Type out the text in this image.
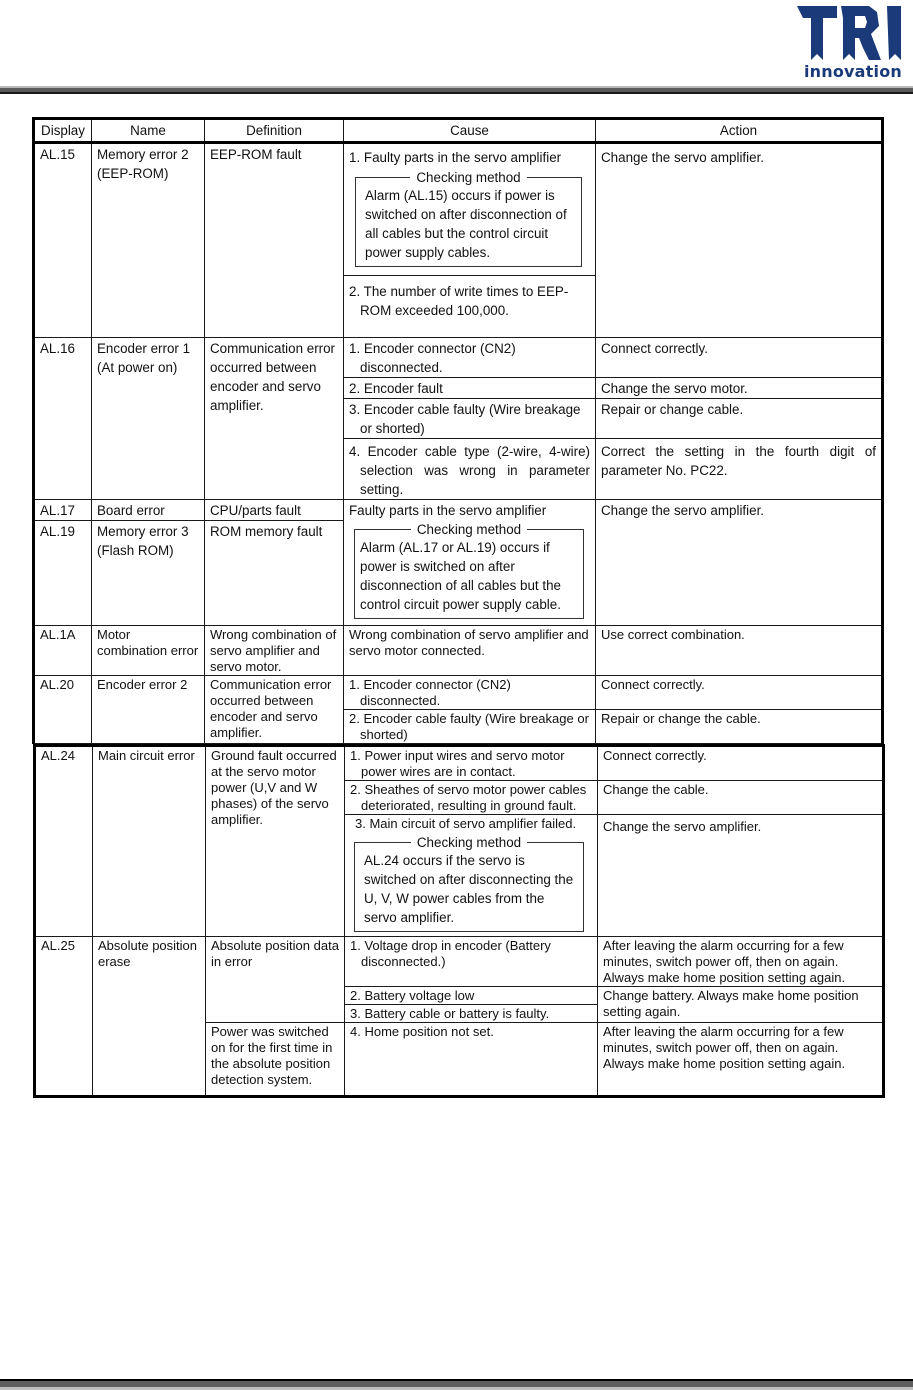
innovation
Display	Name	Definition	Cause	Action
AL.15	Memory error 2 (EEP-ROM)	EEP-ROM fault	1. Faulty parts in the servo amplifier
Checking method
Alarm (AL.15) occurs if power is switched on after disconnection of all cables but the control circuit power supply cables.
2. The number of write times to EEP-ROM exceeded 100,000.	Change the servo amplifier.
AL.16	Encoder error 1 (At power on)	Communication error occurred between encoder and servo amplifier.	1. Encoder connector (CN2) disconnected.	Connect correctly.
			2. Encoder fault	Change the servo motor.
			3. Encoder cable faulty (Wire breakage or shorted)	Repair or change cable.
			4. Encoder cable type (2-wire, 4-wire) selection was wrong in parameter setting.	Correct the setting in the fourth digit of parameter No. PC22.
AL.17	Board error	CPU/parts fault	Faulty parts in the servo amplifier
Checking method
Alarm (AL.17 or AL.19) occurs if power is switched on after disconnection of all cables but the control circuit power supply cable.	Change the servo amplifier.
AL.19	Memory error 3 (Flash ROM)	ROM memory fault		
AL.1A	Motor combination error	Wrong combination of servo amplifier and servo motor.	Wrong combination of servo amplifier and servo motor connected.	Use correct combination.
AL.20	Encoder error 2	Communication error occurred between encoder and servo amplifier.	1. Encoder connector (CN2) disconnected.	Connect correctly.
			2. Encoder cable faulty (Wire breakage or shorted)	Repair or change the cable.
AL.24	Main circuit error	Ground fault occurred at the servo motor power (U,V and W phases) of the servo amplifier.	1. Power input wires and servo motor power wires are in contact.	Connect correctly.
			2. Sheathes of servo motor power cables deteriorated, resulting in ground fault.	Change the cable.

			3. Main circuit of servo amplifier failed.
Checking method
AL.24 occurs if the servo is switched on after disconnecting the U, V, W power cables from the servo amplifier.	Change the servo amplifier.
AL.25	Absolute position erase	Absolute position data in error	1. Voltage drop in encoder (Battery disconnected.)	After leaving the alarm occurring for a few minutes, switch power off, then on again. Always make home position setting again.
			2. Battery voltage low	Change battery. Always make home position setting again.
			3. Battery cable or battery is faulty.	
		Power was switched on for the first time in the absolute position detection system.	4. Home position not set.	After leaving the alarm occurring for a few minutes, switch power off, then on again. Always make home position setting again.
